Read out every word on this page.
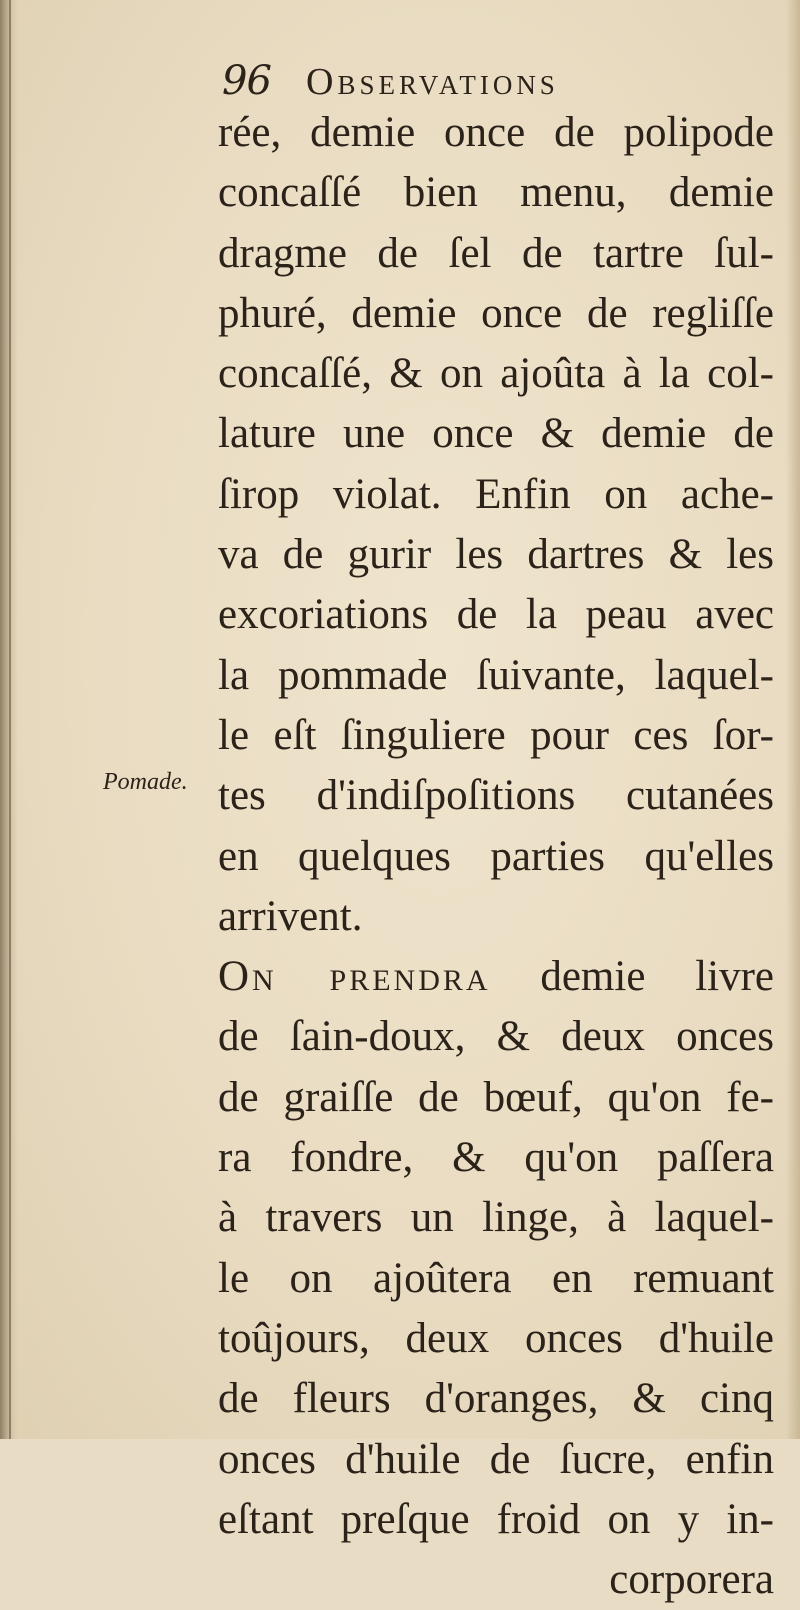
96 Observations
Pomade.
rée, demie once de polipode
concaſſé bien menu, demie
dragme de ſel de tartre ſul-
phuré, demie once de regliſſe
concaſſé, & on ajoûta à la col-
lature une once & demie de
ſirop violat. Enfin on ache-
va de gurir les dartres & les
excoriations de la peau avec
la pommade ſuivante, laquel-
le eſt ſinguliere pour ces ſor-
tes d'indiſpoſitions cutanées
en quelques parties qu'elles
arrivent.
On prendra demie livre
de ſain-doux, & deux onces
de graiſſe de bœuf, qu'on fe-
ra fondre, & qu'on paſſera
à travers un linge, à laquel-
le on ajoûtera en remuant
toûjours, deux onces d'huile
de fleurs d'oranges, & cinq
onces d'huile de ſucre, enfin
eſtant preſque froid on y in-
corporera
